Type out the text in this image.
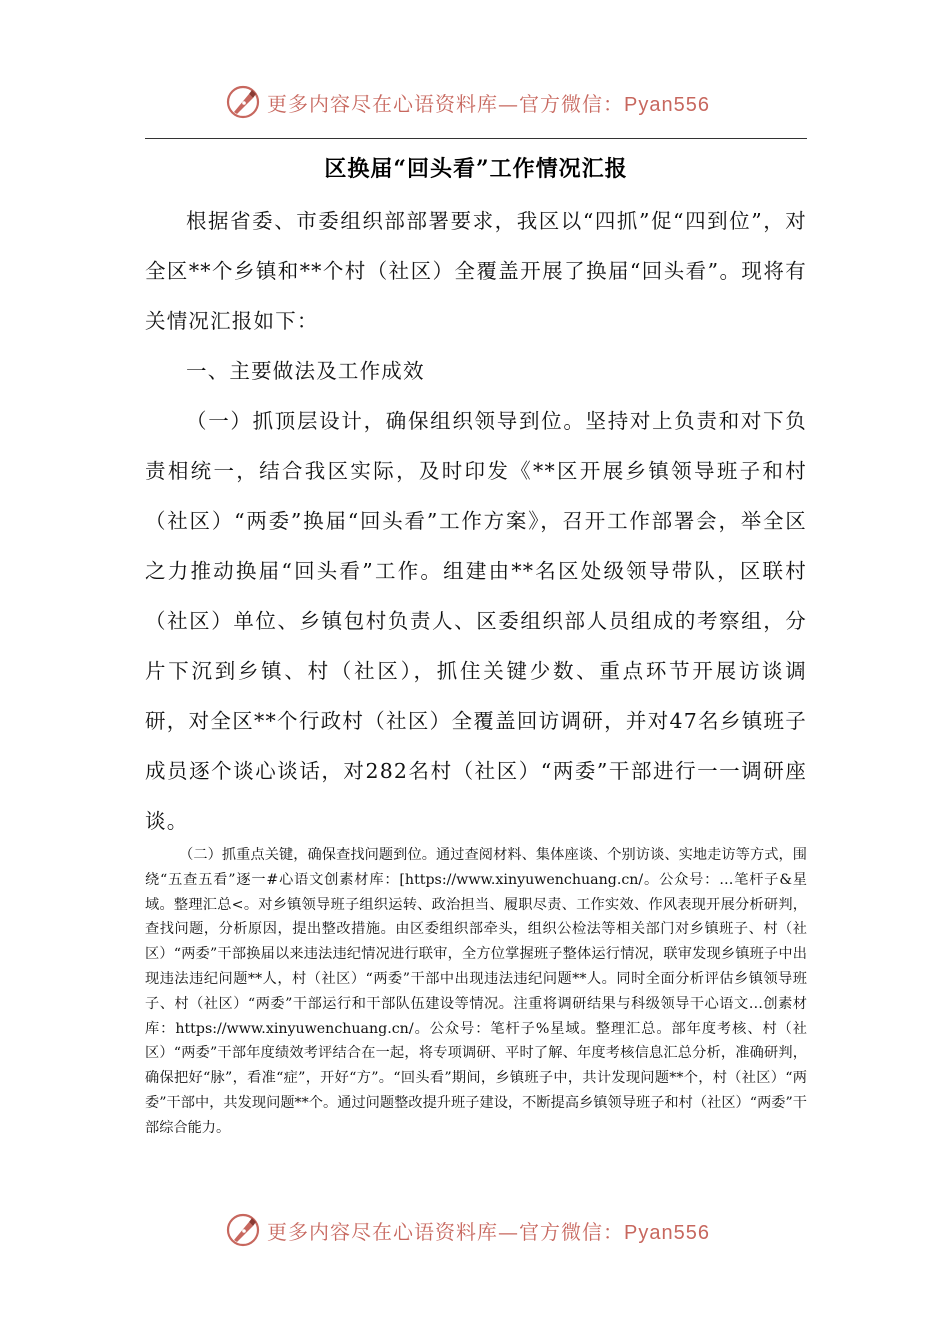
更多内容尽在心语资料库—官方微信：Pyan556
区换届“回头看”工作情况汇报

根据省委、市委组织部部署要求，我区以“四抓”促“四到位”，对全区**个乡镇和**个村（社区）全覆盖开展了换届“回头看”。现将有关情况汇报如下：

一、主要做法及工作成效

（一）抓顶层设计，确保组织领导到位。坚持对上负责和对下负责相统一，结合我区实际，及时印发《**区开展乡镇领导班子和村（社区）“两委”换届“回头看”工作方案》，召开工作部署会，举全区之力推动换届“回头看”工作。组建由**名区处级领导带队，区联村（社区）单位、乡镇包村负责人、区委组织部人员组成的考察组，分片下沉到乡镇、村（社区），抓住关键少数、重点环节开展访谈调研，对全区**个行政村（社区）全覆盖回访调研，并对47名乡镇班子成员逐个谈心谈话，对282名村（社区）“两委”干部进行一一调研座谈。

（二）抓重点关键，确保查找问题到位。通过查阅材料、集体座谈、个别访谈、实地走访等方式，围绕“五查五看”逐一#心语文创素材库：[https://www.xinyuwenchuang.cn/。公众号：…笔杆子&星域。整理汇总<。对乡镇领导班子组织运转、政治担当、履职尽责、工作实效、作风表现开展分析研判，查找问题，分析原因，提出整改措施。由区委组织部牵头，组织公检法等相关部门对乡镇班子、村（社区）“两委”干部换届以来违法违纪情况进行联审，全方位掌握班子整体运行情况，联审发现乡镇班子中出现违法违纪问题**人，村（社区）“两委”干部中出现违法违纪问题**人。同时全面分析评估乡镇领导班子、村（社区）“两委”干部运行和干部队伍建设等情况。注重将调研结果与科级领导干心语文…创素材库：https://www.xinyuwenchuang.cn/。公众号：笔杆子%星域。整理汇总。部年度考核、村（社区）“两委”干部年度绩效考评结合在一起，将专项调研、平时了解、年度考核信息汇总分析，准确研判，确保把好“脉”，看准“症”，开好“方”。“回头看”期间，乡镇班子中，共计发现问题**个，村（社区）“两委”干部中，共发现问题**个。通过问题整改提升班子建设，不断提高乡镇领导班子和村（社区）“两委”干部综合能力。

更多内容尽在心语资料库—官方微信：Pyan556
